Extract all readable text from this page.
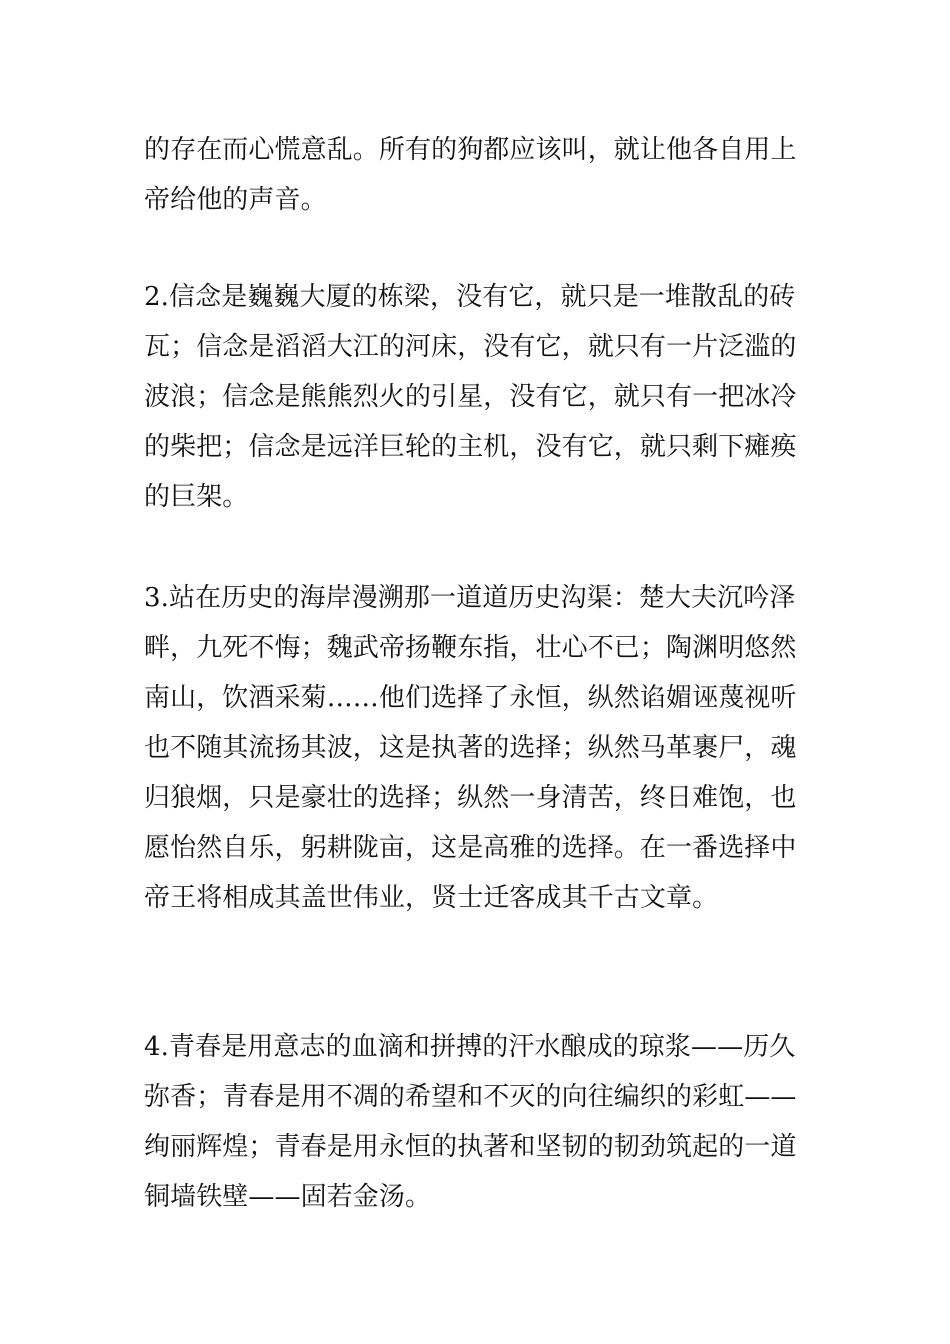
的存在而心慌意乱。所有的狗都应该叫，就让他各自用上
帝给他的声音。

2.信念是巍巍大厦的栋梁，没有它，就只是一堆散乱的砖
瓦；信念是滔滔大江的河床，没有它，就只有一片泛滥的
波浪；信念是熊熊烈火的引星，没有它，就只有一把冰冷
的柴把；信念是远洋巨轮的主机，没有它，就只剩下瘫痪
的巨架。

3.站在历史的海岸漫溯那一道道历史沟渠：楚大夫沉吟泽
畔，九死不悔；魏武帝扬鞭东指，壮心不已；陶渊明悠然
南山，饮酒采菊……他们选择了永恒，纵然谄媚诬蔑视听
也不随其流扬其波，这是执著的选择；纵然马革裹尸，魂
归狼烟，只是豪壮的选择；纵然一身清苦，终日难饱，也
愿怡然自乐，躬耕陇亩，这是高雅的选择。在一番选择中
帝王将相成其盖世伟业，贤士迁客成其千古文章。

4.青春是用意志的血滴和拼搏的汗水酿成的琼浆——历久
弥香；青春是用不凋的希望和不灭的向往编织的彩虹——
绚丽辉煌；青春是用永恒的执著和坚韧的韧劲筑起的一道
铜墙铁壁——固若金汤。
